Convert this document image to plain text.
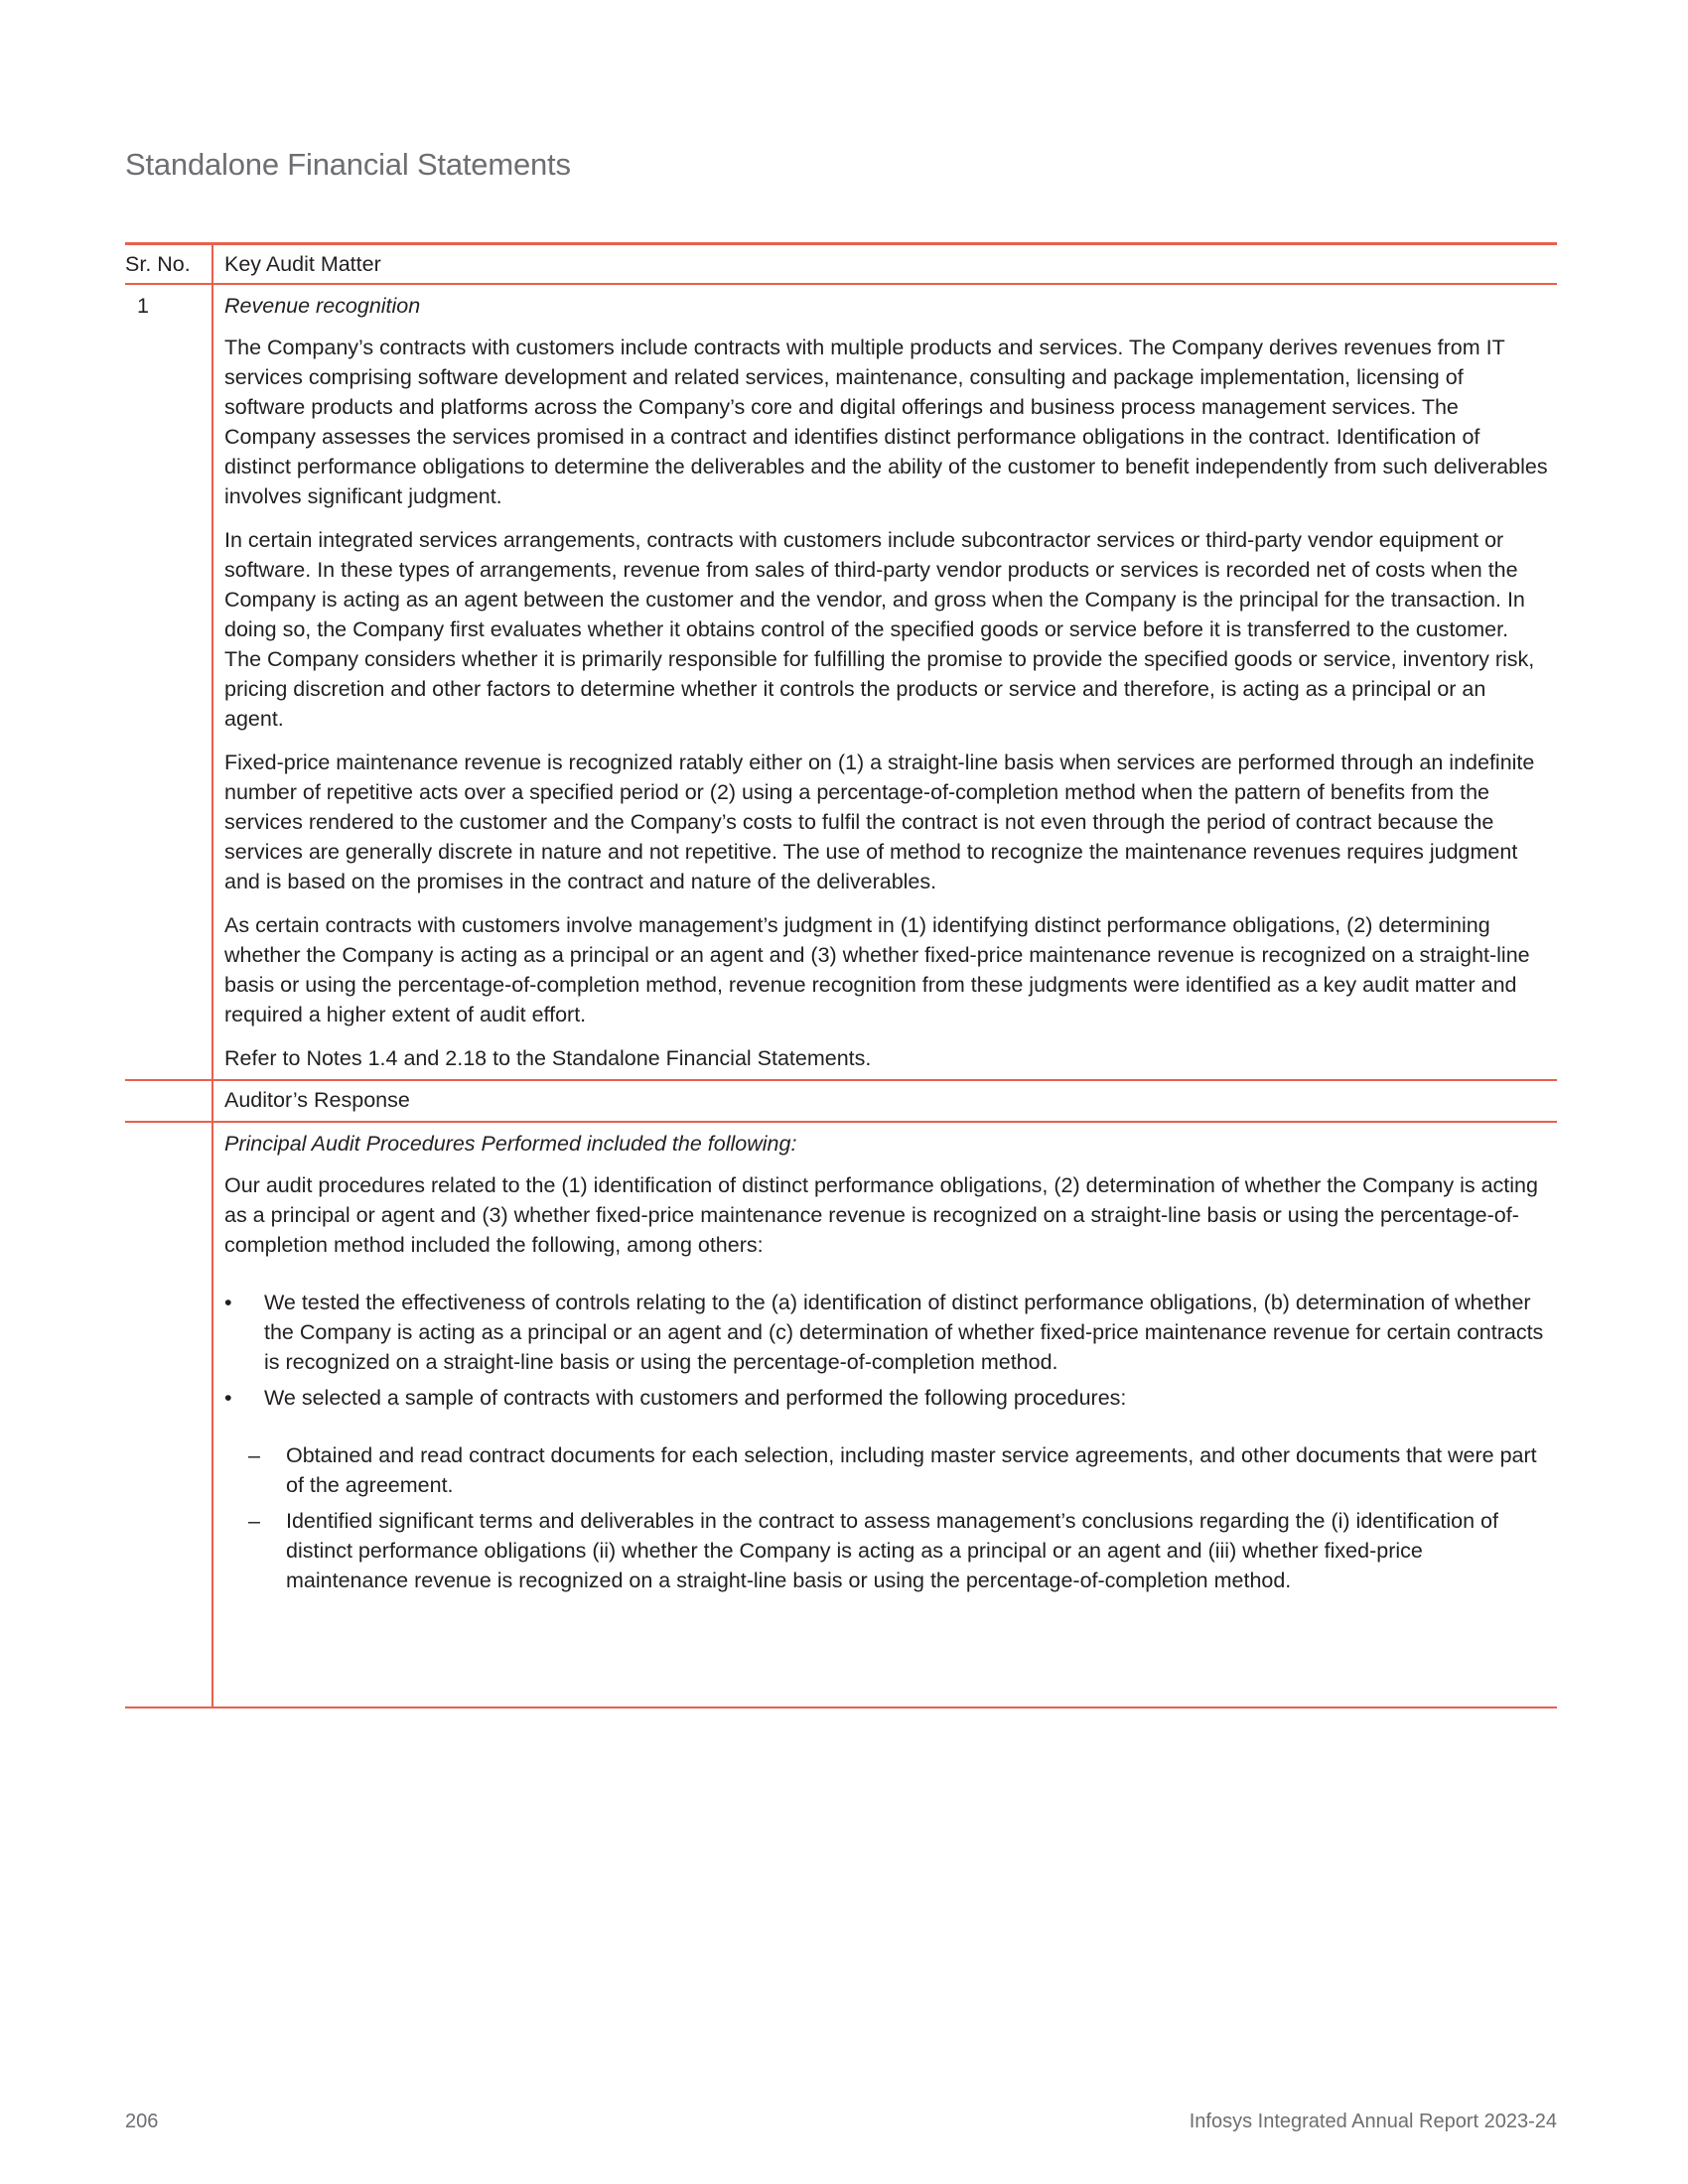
Standalone Financial Statements
Sr. No.	Key Audit Matter
1	Revenue recognition

The Company’s contracts with customers include contracts with multiple products and services. The Company derives revenues from IT services comprising software development and related services, maintenance, consulting and package implementation, licensing of software products and platforms across the Company’s core and digital offerings and business process management services. The Company assesses the services promised in a contract and identifies distinct performance obligations in the contract. Identification of distinct performance obligations to determine the deliverables and the ability of the customer to benefit independently from such deliverables involves significant judgment.

In certain integrated services arrangements, contracts with customers include subcontractor services or third-party vendor equipment or software. In these types of arrangements, revenue from sales of third-party vendor products or services is recorded net of costs when the Company is acting as an agent between the customer and the vendor, and gross when the Company is the principal for the transaction. In doing so, the Company first evaluates whether it obtains control of the specified goods or service before it is transferred to the customer. The Company considers whether it is primarily responsible for fulfilling the promise to provide the specified goods or service, inventory risk, pricing discretion and other factors to determine whether it controls the products or service and therefore, is acting as a principal or an agent.

Fixed-price maintenance revenue is recognized ratably either on (1) a straight-line basis when services are performed through an indefinite number of repetitive acts over a specified period or (2) using a percentage-of-completion method when the pattern of benefits from the services rendered to the customer and the Company’s costs to fulfil the contract is not even through the period of contract because the services are generally discrete in nature and not repetitive. The use of method to recognize the maintenance revenues requires judgment and is based on the promises in the contract and nature of the deliverables.

As certain contracts with customers involve management’s judgment in (1) identifying distinct performance obligations, (2) determining whether the Company is acting as a principal or an agent and (3) whether fixed-price maintenance revenue is recognized on a straight-line basis or using the percentage-of-completion method, revenue recognition from these judgments were identified as a key audit matter and required a higher extent of audit effort.

Refer to Notes 1.4 and 2.18 to the Standalone Financial Statements.

Auditor’s Response

Principal Audit Procedures Performed included the following:

Our audit procedures related to the (1) identification of distinct performance obligations, (2) determination of whether the Company is acting as a principal or agent and (3) whether fixed-price maintenance revenue is recognized on a straight-line basis or using the percentage-of-completion method included the following, among others:

• We tested the effectiveness of controls relating to the (a) identification of distinct performance obligations, (b) determination of whether the Company is acting as a principal or an agent and (c) determination of whether fixed-price maintenance revenue for certain contracts is recognized on a straight-line basis or using the percentage-of-completion method.
• We selected a sample of contracts with customers and performed the following procedures:
– Obtained and read contract documents for each selection, including master service agreements, and other documents that were part of the agreement.
– Identified significant terms and deliverables in the contract to assess management’s conclusions regarding the (i) identification of distinct performance obligations (ii) whether the Company is acting as a principal or an agent and (iii) whether fixed-price maintenance revenue is recognized on a straight-line basis or using the percentage-of-completion method.
206	Infosys Integrated Annual Report 2023-24
